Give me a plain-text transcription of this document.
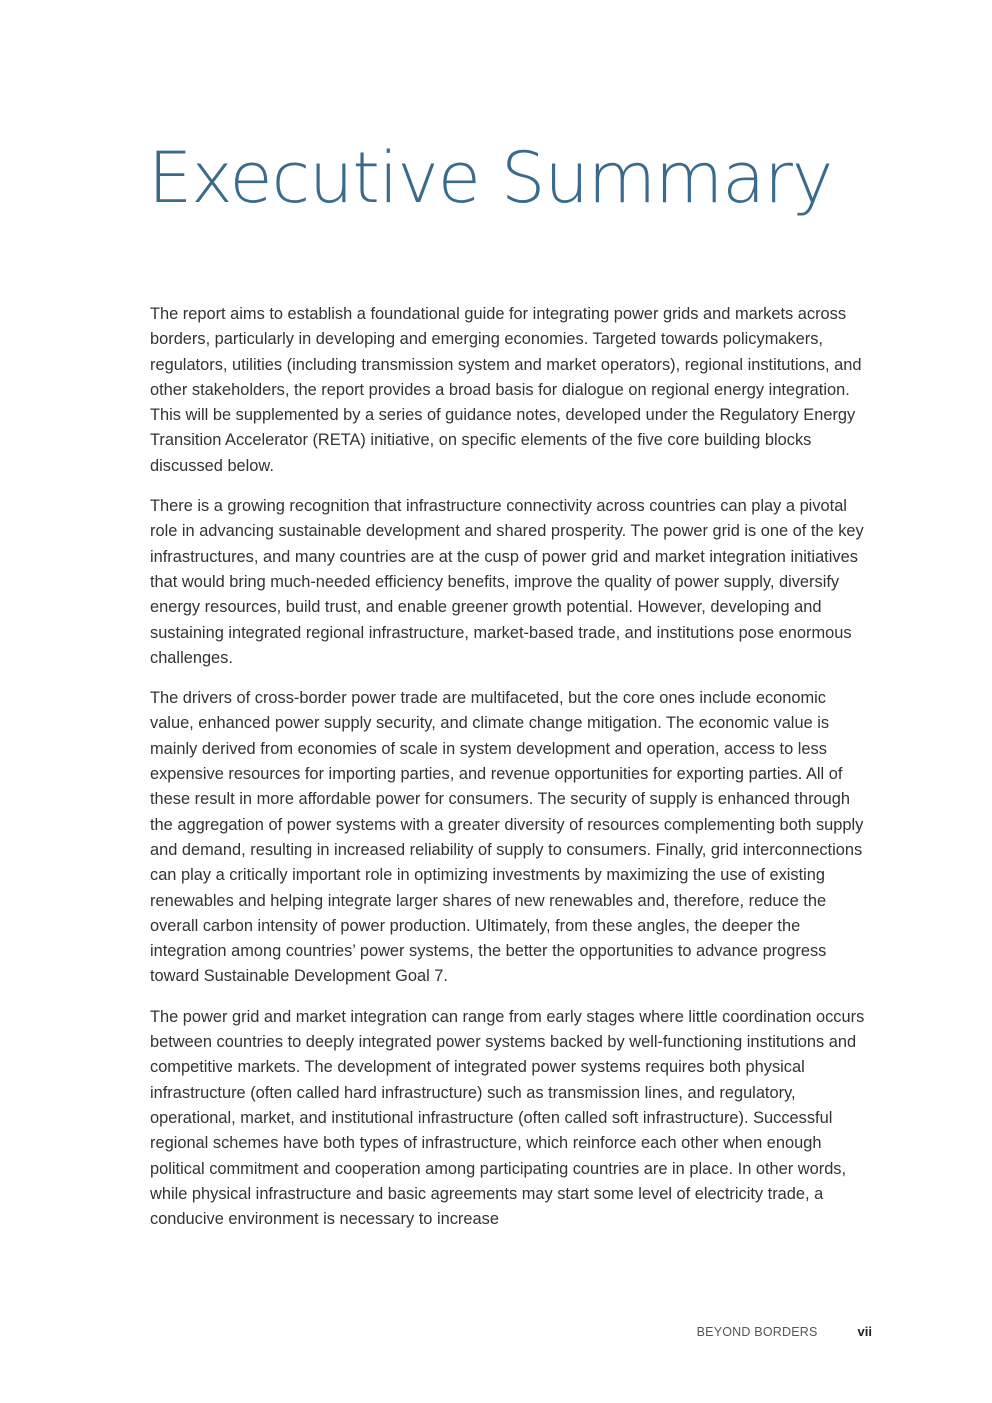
Executive Summary

The report aims to establish a foundational guide for integrating power grids and markets across borders, particularly in developing and emerging economies. Targeted towards policymakers, regulators, utilities (including transmission system and market operators), regional institutions, and other stakeholders, the report provides a broad basis for dialogue on regional energy integration. This will be supplemented by a series of guidance notes, developed under the Regulatory Energy Transition Accelerator (RETA) initiative, on specific elements of the five core building blocks discussed below.

There is a growing recognition that infrastructure connectivity across countries can play a pivotal role in advancing sustainable development and shared prosperity. The power grid is one of the key infrastructures, and many countries are at the cusp of power grid and market integration initiatives that would bring much-needed efficiency benefits, improve the quality of power supply, diversify energy resources, build trust, and enable greener growth potential. However, developing and sustaining integrated regional infrastructure, market-based trade, and institutions pose enormous challenges.

The drivers of cross-border power trade are multifaceted, but the core ones include economic value, enhanced power supply security, and climate change mitigation. The economic value is mainly derived from economies of scale in system development and operation, access to less expensive resources for importing parties, and revenue opportunities for exporting parties. All of these result in more affordable power for consumers. The security of supply is enhanced through the aggregation of power systems with a greater diversity of resources complementing both supply and demand, resulting in increased reliability of supply to consumers. Finally, grid interconnections can play a critically important role in optimizing investments by maximizing the use of existing renewables and helping integrate larger shares of new renewables and, therefore, reduce the overall carbon intensity of power production. Ultimately, from these angles, the deeper the integration among countries’ power systems, the better the opportunities to advance progress toward Sustainable Development Goal 7.

The power grid and market integration can range from early stages where little coordination occurs between countries to deeply integrated power systems backed by well-functioning institutions and competitive markets. The development of integrated power systems requires both physical infrastructure (often called hard infrastructure) such as transmission lines, and regulatory, operational, market, and institutional infrastructure (often called soft infrastructure). Successful regional schemes have both types of infrastructure, which reinforce each other when enough political commitment and cooperation among participating countries are in place. In other words, while physical infrastructure and basic agreements may start some level of electricity trade, a conducive environment is necessary to increase

BEYOND BORDERS	vii
